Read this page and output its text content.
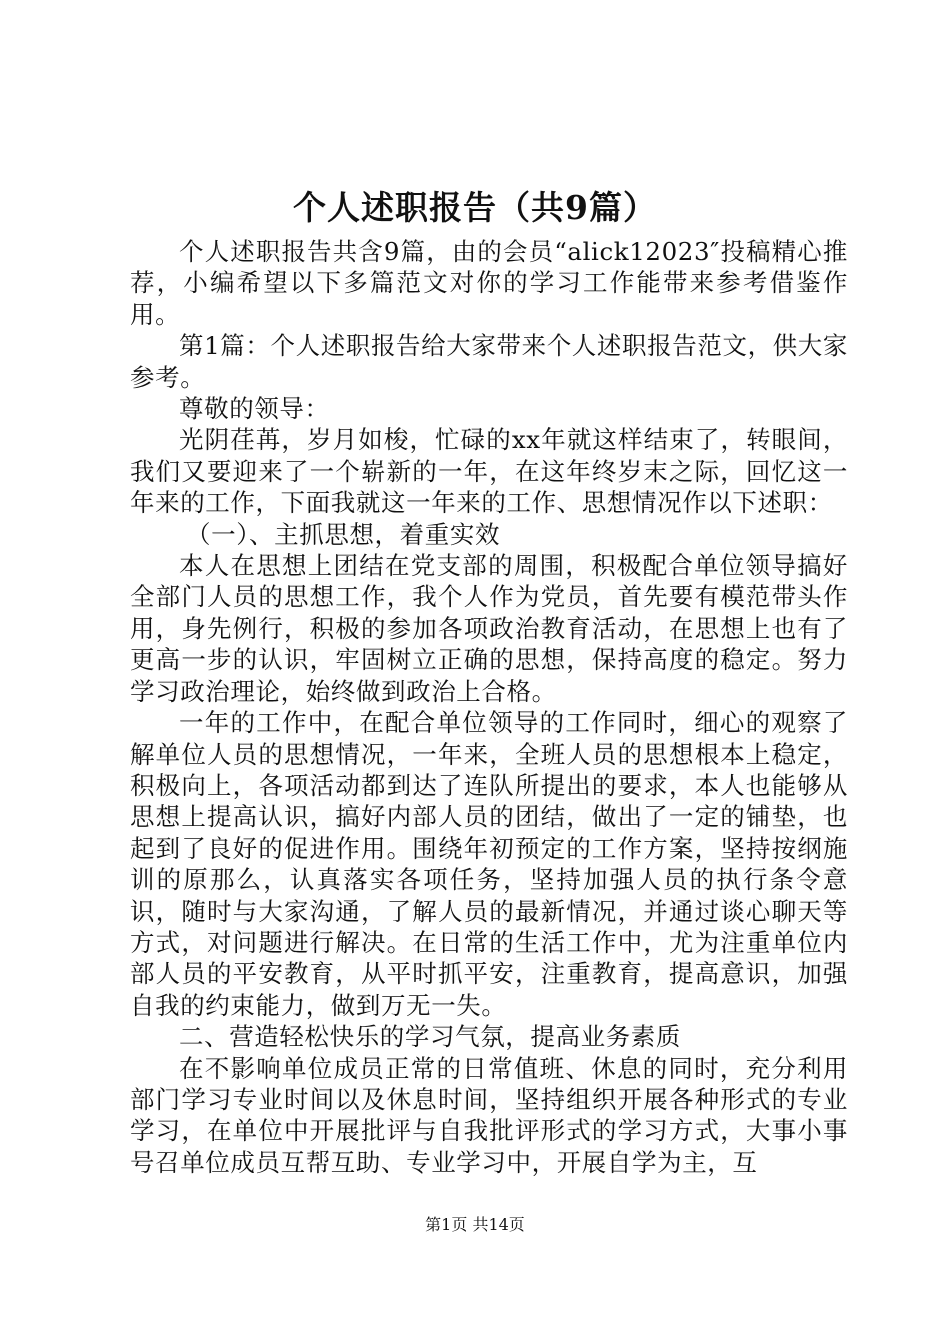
个人述职报告（共9篇）

个人述职报告共含9篇，由的会员“alick12023″投稿精心推荐，小编希望以下多篇范文对你的学习工作能带来参考借鉴作用。

第1篇：个人述职报告给大家带来个人述职报告范文，供大家参考。

尊敬的领导：

光阴荏苒，岁月如梭，忙碌的xx年就这样结束了，转眼间，我们又要迎来了一个崭新的一年，在这年终岁末之际，回忆这一年来的工作，下面我就这一年来的工作、思想情况作以下述职：

（一）、主抓思想，着重实效

本人在思想上团结在党支部的周围，积极配合单位领导搞好全部门人员的思想工作，我个人作为党员，首先要有模范带头作用，身先例行，积极的参加各项政治教育活动，在思想上也有了更高一步的认识，牢固树立正确的思想，保持高度的稳定。努力学习政治理论，始终做到政治上合格。

一年的工作中，在配合单位领导的工作同时，细心的观察了解单位人员的思想情况，一年来，全班人员的思想根本上稳定，积极向上，各项活动都到达了连队所提出的要求，本人也能够从思想上提高认识，搞好内部人员的团结，做出了一定的铺垫，也起到了良好的促进作用。围绕年初预定的工作方案，坚持按纲施训的原那么，认真落实各项任务，坚持加强人员的执行条令意识，随时与大家沟通，了解人员的最新情况，并通过谈心聊天等方式，对问题进行解决。在日常的生活工作中，尤为注重单位内部人员的平安教育，从平时抓平安，注重教育，提高意识，加强自我的约束能力，做到万无一失。

二、营造轻松快乐的学习气氛，提高业务素质

在不影响单位成员正常的日常值班、休息的同时，充分利用部门学习专业时间以及休息时间，坚持组织开展各种形式的专业学习，在单位中开展批评与自我批评形式的学习方式，大事小事号召单位成员互帮互助、专业学习中，开展自学为主，互

第1页 共14页
